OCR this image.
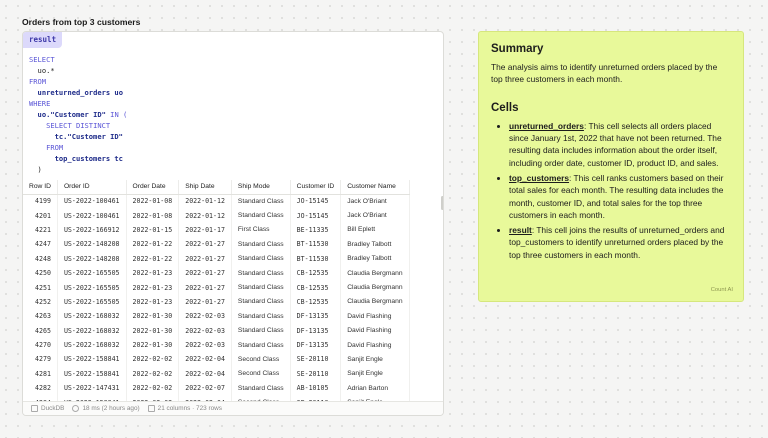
Orders from top 3 customers
result
SELECT
uo.*
FROM
unreturned_orders uo
WHERE
uo."Customer ID" IN (
SELECT DISTINCT
tc."Customer ID"
FROM
top_customers tc
)
Row ID	Order ID	Order Date	Ship Date	Ship Mode	Customer ID	Customer Name
4199	US-2022-100461	2022-01-08	2022-01-12	Standard Class	JO-15145	Jack O'Briant
4201	US-2022-100461	2022-01-08	2022-01-12	Standard Class	JO-15145	Jack O'Briant
4221	US-2022-166912	2022-01-15	2022-01-17	First Class	BE-11335	Bill Eplett
4247	US-2022-148208	2022-01-22	2022-01-27	Standard Class	BT-11530	Bradley Talbott
4248	US-2022-148208	2022-01-22	2022-01-27	Standard Class	BT-11530	Bradley Talbott
4250	US-2022-165505	2022-01-23	2022-01-27	Standard Class	CB-12535	Claudia Bergmann
4251	US-2022-165505	2022-01-23	2022-01-27	Standard Class	CB-12535	Claudia Bergmann
4252	US-2022-165505	2022-01-23	2022-01-27	Standard Class	CB-12535	Claudia Bergmann
4263	US-2022-168032	2022-01-30	2022-02-03	Standard Class	DF-13135	David Flashing
4265	US-2022-168032	2022-01-30	2022-02-03	Standard Class	DF-13135	David Flashing
4270	US-2022-168032	2022-01-30	2022-02-03	Standard Class	DF-13135	David Flashing
4279	US-2022-158841	2022-02-02	2022-02-04	Second Class	SE-20110	Sanjit Engle
4281	US-2022-158841	2022-02-02	2022-02-04	Second Class	SE-20110	Sanjit Engle
4282	US-2022-147431	2022-02-02	2022-02-07	Standard Class	AB-10105	Adrian Barton

DuckDB	18 ms (2 hours ago)	21 columns · 723 rows
Summary

The analysis aims to identify unreturned orders placed by the top three customers in each month.

Cells
• unreturned_orders: This cell selects all orders placed since January 1st, 2022 that have not been returned. The resulting data includes information about the order itself, including order date, customer ID, product ID, and sales.
• top_customers: This cell ranks customers based on their total sales for each month. The resulting data includes the month, customer ID, and total sales for the top three customers in each month.
• result: This cell joins the results of unreturned_orders and top_customers to identify unreturned orders placed by the top three customers in each month.
Count AI
